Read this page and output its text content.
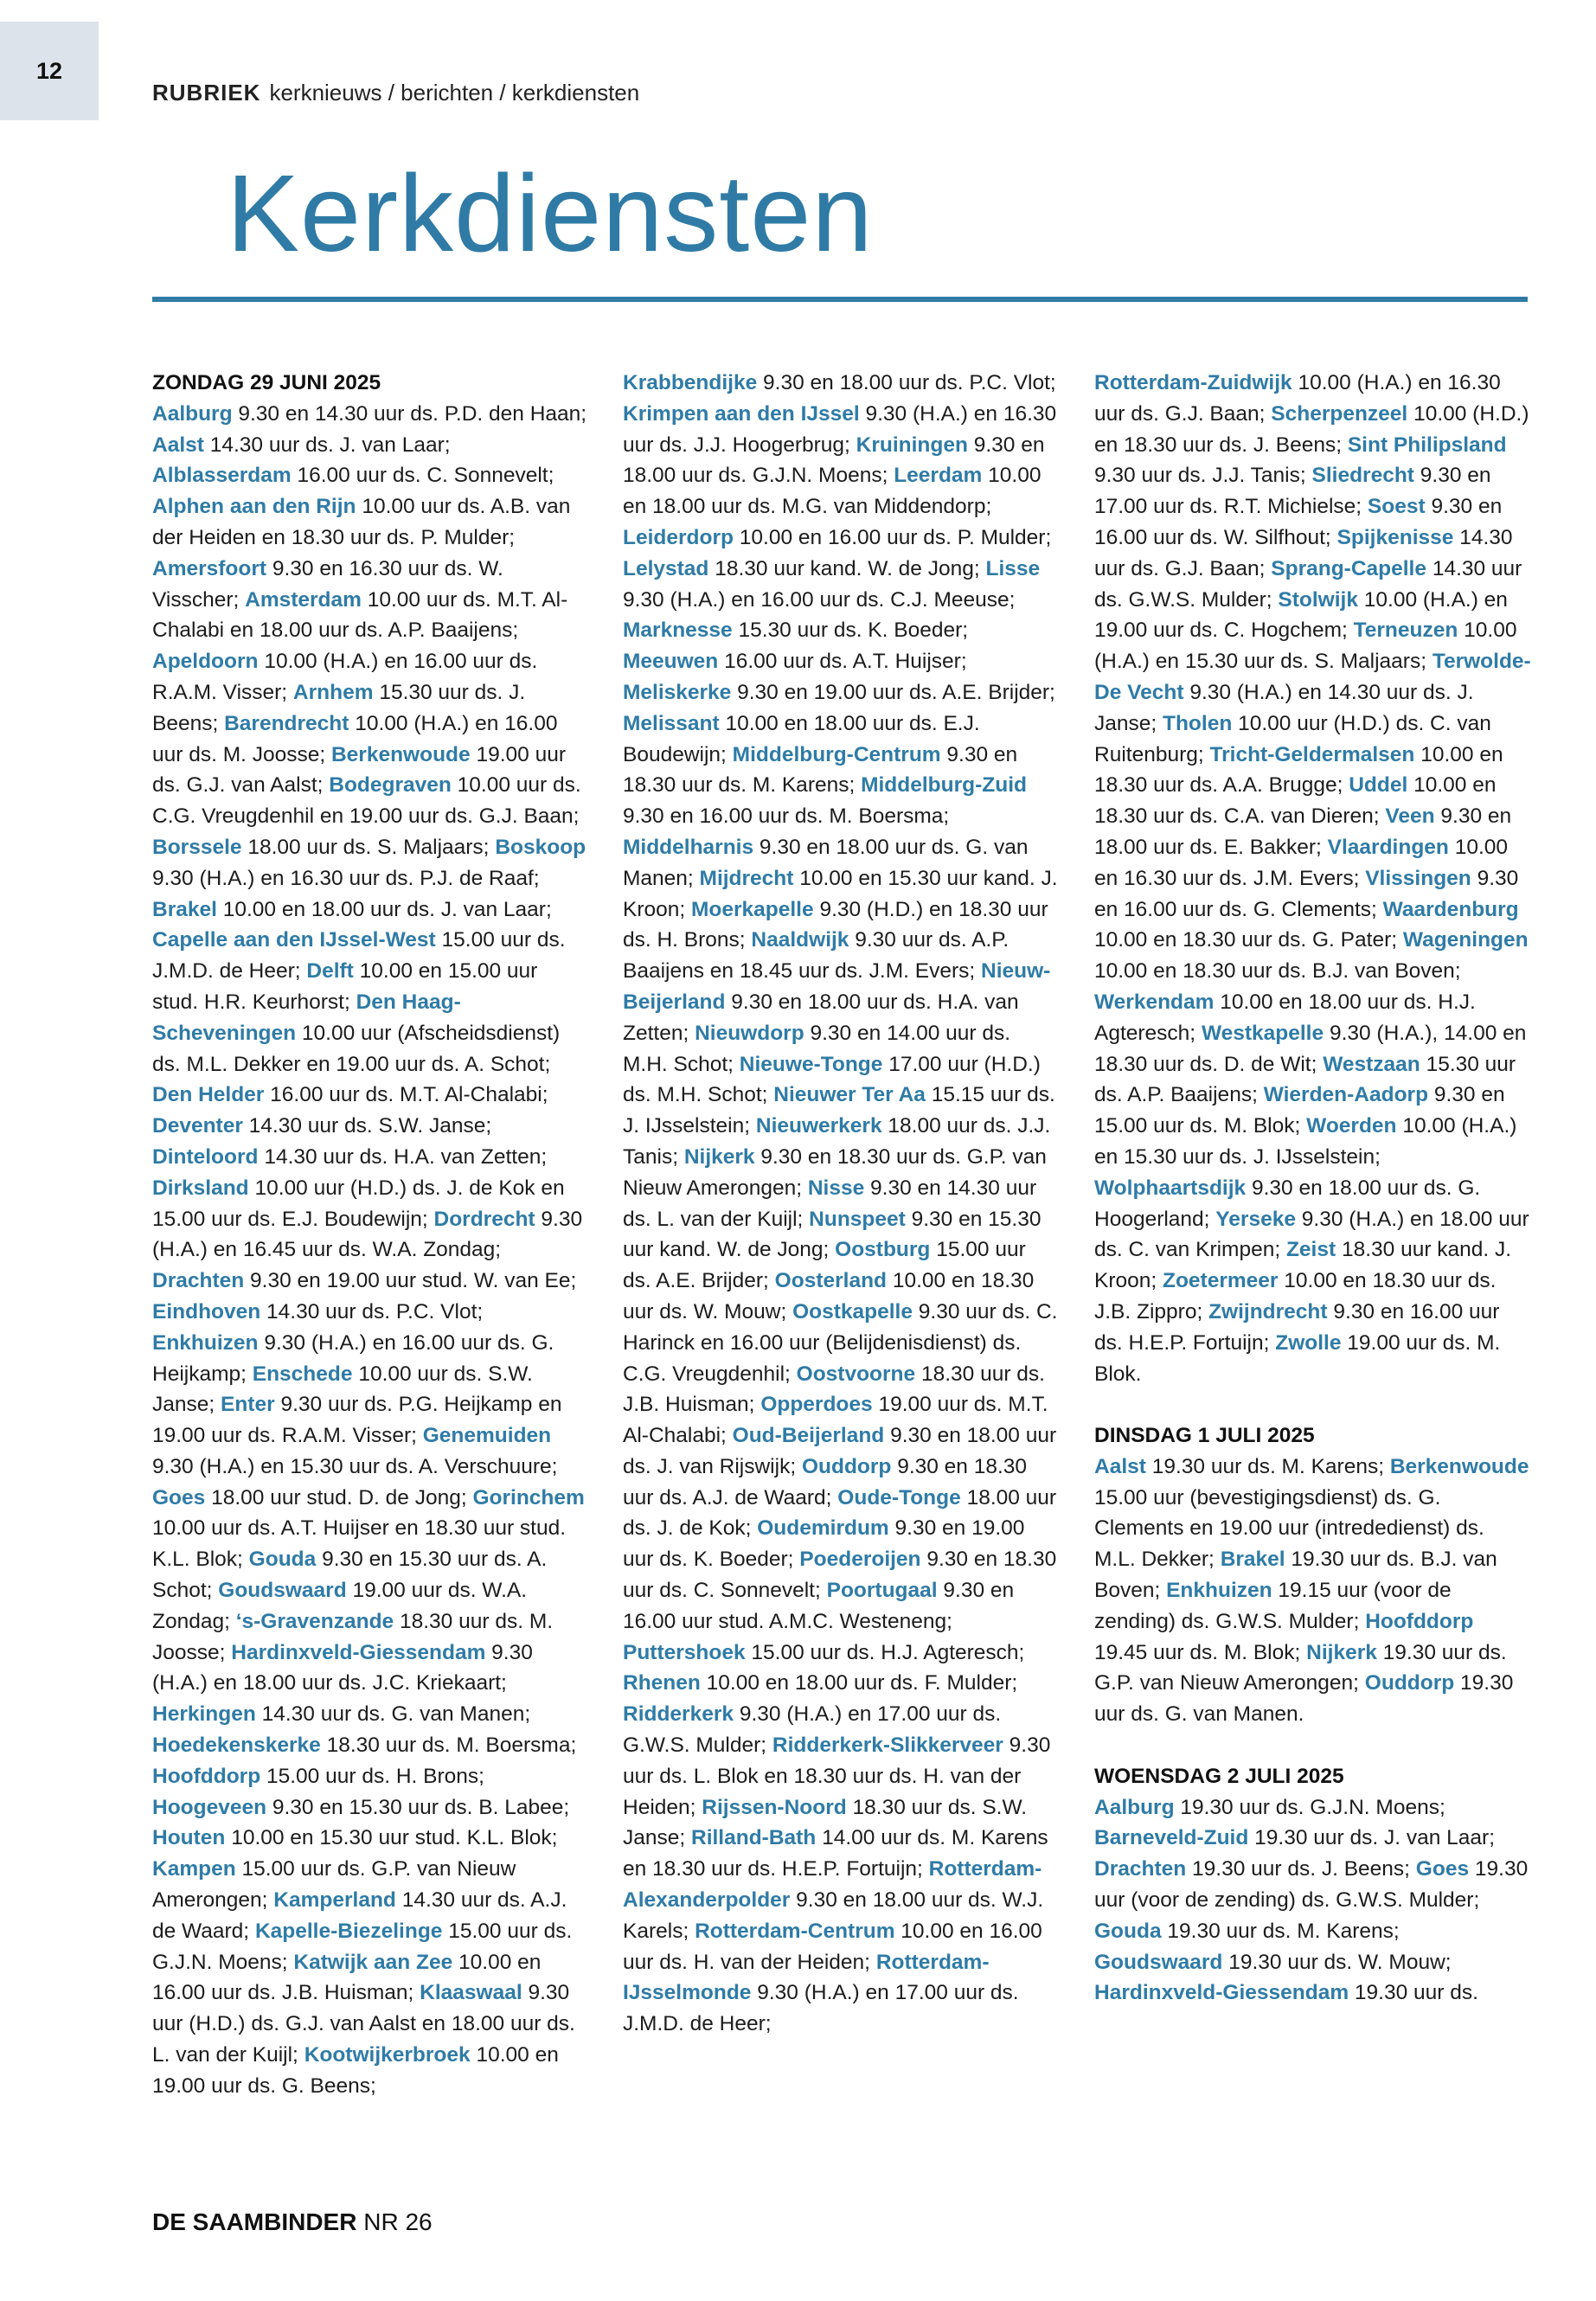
12
RUBRIEK kerknieuws / berichten / kerkdiensten
Kerkdiensten
ZONDAG 29 JUNI 2025

Aalburg 9.30 en 14.30 uur ds. P.D. den Haan; Aalst 14.30 uur ds. J. van Laar; Alblasserdam 16.00 uur ds. C. Sonnevelt; Alphen aan den Rijn 10.00 uur ds. A.B. van der Heiden en 18.30 uur ds. P. Mulder; Amersfoort 9.30 en 16.30 uur ds. W. Visscher; Amsterdam 10.00 uur ds. M.T. Al-Chalabi en 18.00 uur ds. A.P. Baaijens; Apeldoorn 10.00 (H.A.) en 16.00 uur ds. R.A.M. Visser; Arnhem 15.30 uur ds. J. Beens; Barendrecht 10.00 (H.A.) en 16.00 uur ds. M. Joosse; Berkenwoude 19.00 uur ds. G.J. van Aalst; Bodegraven 10.00 uur ds. C.G. Vreugdenhil en 19.00 uur ds. G.J. Baan; Borssele 18.00 uur ds. S. Maljaars; Boskoop 9.30 (H.A.) en 16.30 uur ds. P.J. de Raaf; Brakel 10.00 en 18.00 uur ds. J. van Laar; Capelle aan den IJssel-West 15.00 uur ds. J.M.D. de Heer; Delft 10.00 en 15.00 uur stud. H.R. Keurhorst; Den Haag-Scheveningen 10.00 uur (Afscheidsdienst) ds. M.L. Dekker en 19.00 uur ds. A. Schot; Den Helder 16.00 uur ds. M.T. Al-Chalabi; Deventer 14.30 uur ds. S.W. Janse; Dinteloord 14.30 uur ds. H.A. van Zetten; Dirksland 10.00 uur (H.D.) ds. J. de Kok en 15.00 uur ds. E.J. Boudewijn; Dordrecht 9.30 (H.A.) en 16.45 uur ds. W.A. Zondag; Drachten 9.30 en 19.00 uur stud. W. van Ee; Eindhoven 14.30 uur ds. P.C. Vlot; Enkhuizen 9.30 (H.A.) en 16.00 uur ds. G. Heijkamp; Enschede 10.00 uur ds. S.W. Janse; Enter 9.30 uur ds. P.G. Heijkamp en 19.00 uur ds. R.A.M. Visser; Genemuiden 9.30 (H.A.) en 15.30 uur ds. A. Verschuure; Goes 18.00 uur stud. D. de Jong; Gorinchem 10.00 uur ds. A.T. Huijser en 18.30 uur stud. K.L. Blok; Gouda 9.30 en 15.30 uur ds. A. Schot; Goudswaard 19.00 uur ds. W.A. Zondag; ‘s-Gravenzande 18.30 uur ds. M. Joosse; Hardinxveld-Giessendam 9.30 (H.A.) en 18.00 uur ds. J.C. Kriekaart; Herkingen 14.30 uur ds. G. van Manen; Hoedekenskerke 18.30 uur ds. M. Boersma; Hoofddorp 15.00 uur ds. H. Brons; Hoogeveen 9.30 en 15.30 uur ds. B. Labee; Houten 10.00 en 15.30 uur stud. K.L. Blok; Kampen 15.00 uur ds. G.P. van Nieuw Amerongen; Kamperland 14.30 uur ds. A.J. de Waard; Kapelle-Biezelinge 15.00 uur ds. G.J.N. Moens; Katwijk aan Zee 10.00 en 16.00 uur ds. J.B. Huisman; Klaaswaal 9.30 uur (H.D.) ds. G.J. van Aalst en 18.00 uur ds. L. van der Kuijl; Kootwijkerbroek 10.00 en 19.00 uur ds. G. Beens;

Krabbendijke 9.30 en 18.00 uur ds. P.C. Vlot; Krimpen aan den IJssel 9.30 (H.A.) en 16.30 uur ds. J.J. Hoogerbrug; Kruiningen 9.30 en 18.00 uur ds. G.J.N. Moens; Leerdam 10.00 en 18.00 uur ds. M.G. van Middendorp; Leiderdorp 10.00 en 16.00 uur ds. P. Mulder; Lelystad 18.30 uur kand. W. de Jong; Lisse 9.30 (H.A.) en 16.00 uur ds. C.J. Meeuse; Marknesse 15.30 uur ds. K. Boeder; Meeuwen 16.00 uur ds. A.T. Huijser; Meliskerke 9.30 en 19.00 uur ds. A.E. Brijder; Melissant 10.00 en 18.00 uur ds. E.J. Boudewijn; Middelburg-Centrum 9.30 en 18.30 uur ds. M. Karens; Middelburg-Zuid 9.30 en 16.00 uur ds. M. Boersma; Middelharnis 9.30 en 18.00 uur ds. G. van Manen; Mijdrecht 10.00 en 15.30 uur kand. J. Kroon; Moerkapelle 9.30 (H.D.) en 18.30 uur ds. H. Brons; Naaldwijk 9.30 uur ds. A.P. Baaijens en 18.45 uur ds. J.M. Evers; Nieuw-Beijerland 9.30 en 18.00 uur ds. H.A. van Zetten; Nieuwdorp 9.30 en 14.00 uur ds. M.H. Schot; Nieuwe-Tonge 17.00 uur (H.D.) ds. M.H. Schot; Nieuwer Ter Aa 15.15 uur ds. J. IJsselstein; Nieuwerkerk 18.00 uur ds. J.J. Tanis; Nijkerk 9.30 en 18.30 uur ds. G.P. van Nieuw Amerongen; Nisse 9.30 en 14.30 uur ds. L. van der Kuijl; Nunspeet 9.30 en 15.30 uur kand. W. de Jong; Oostburg 15.00 uur ds. A.E. Brijder; Oosterland 10.00 en 18.30 uur ds. W. Mouw; Oostkapelle 9.30 uur ds. C. Harinck en 16.00 uur (Belijdenisdienst) ds. C.G. Vreugdenhil; Oostvoorne 18.30 uur ds. J.B. Huisman; Opperdoes 19.00 uur ds. M.T. Al-Chalabi; Oud-Beijerland 9.30 en 18.00 uur ds. J. van Rijswijk; Ouddorp 9.30 en 18.30 uur ds. A.J. de Waard; Oude-Tonge 18.00 uur ds. J. de Kok; Oudemirdum 9.30 en 19.00 uur ds. K. Boeder; Poederoijen 9.30 en 18.30 uur ds. C. Sonnevelt; Poortugaal 9.30 en 16.00 uur stud. A.M.C. Westeneng; Puttershoek 15.00 uur ds. H.J. Agteresch; Rhenen 10.00 en 18.00 uur ds. F. Mulder; Ridderkerk 9.30 (H.A.) en 17.00 uur ds. G.W.S. Mulder; Ridderkerk-Slikkerveer 9.30 uur ds. L. Blok en 18.30 uur ds. H. van der Heiden; Rijssen-Noord 18.30 uur ds. S.W. Janse; Rilland-Bath 14.00 uur ds. M. Karens en 18.30 uur ds. H.E.P. Fortuijn; Rotterdam-Alexanderpolder 9.30 en 18.00 uur ds. W.J. Karels; Rotterdam-Centrum 10.00 en 16.00 uur ds. H. van der Heiden; Rotterdam-IJsselmonde 9.30 (H.A.) en 17.00 uur ds. J.M.D. de Heer;

Rotterdam-Zuidwijk 10.00 (H.A.) en 16.30 uur ds. G.J. Baan; Scherpenzeel 10.00 (H.D.) en 18.30 uur ds. J. Beens; Sint Philipsland 9.30 uur ds. J.J. Tanis; Sliedrecht 9.30 en 17.00 uur ds. R.T. Michielse; Soest 9.30 en 16.00 uur ds. W. Silfhout; Spijkenisse 14.30 uur ds. G.J. Baan; Sprang-Capelle 14.30 uur ds. G.W.S. Mulder; Stolwijk 10.00 (H.A.) en 19.00 uur ds. C. Hogchem; Terneuzen 10.00 (H.A.) en 15.30 uur ds. S. Maljaars; Terwolde-De Vecht 9.30 (H.A.) en 14.30 uur ds. J. Janse; Tholen 10.00 uur (H.D.) ds. C. van Ruitenburg; Tricht-Geldermalsen 10.00 en 18.30 uur ds. A.A. Brugge; Uddel 10.00 en 18.30 uur ds. C.A. van Dieren; Veen 9.30 en 18.00 uur ds. E. Bakker; Vlaardingen 10.00 en 16.30 uur ds. J.M. Evers; Vlissingen 9.30 en 16.00 uur ds. G. Clements; Waardenburg 10.00 en 18.30 uur ds. G. Pater; Wageningen 10.00 en 18.30 uur ds. B.J. van Boven; Werkendam 10.00 en 18.00 uur ds. H.J. Agteresch; Westkapelle 9.30 (H.A.), 14.00 en 18.30 uur ds. D. de Wit; Westzaan 15.30 uur ds. A.P. Baaijens; Wierden-Aadorp 9.30 en 15.00 uur ds. M. Blok; Woerden 10.00 (H.A.) en 15.30 uur ds. J. IJsselstein; Wolphaartsdijk 9.30 en 18.00 uur ds. G. Hoogerland; Yerseke 9.30 (H.A.) en 18.00 uur ds. C. van Krimpen; Zeist 18.30 uur kand. J. Kroon; Zoetermeer 10.00 en 18.30 uur ds. J.B. Zippro; Zwijndrecht 9.30 en 16.00 uur ds. H.E.P. Fortuijn; Zwolle 19.00 uur ds. M. Blok.

DINSDAG 1 JULI 2025

Aalst 19.30 uur ds. M. Karens; Berkenwoude 15.00 uur (bevestigingsdienst) ds. G. Clements en 19.00 uur (intrededienst) ds. M.L. Dekker; Brakel 19.30 uur ds. B.J. van Boven; Enkhuizen 19.15 uur (voor de zending) ds. G.W.S. Mulder; Hoofddorp 19.45 uur ds. M. Blok; Nijkerk 19.30 uur ds. G.P. van Nieuw Amerongen; Ouddorp 19.30 uur ds. G. van Manen.

WOENSDAG 2 JULI 2025

Aalburg 19.30 uur ds. G.J.N. Moens; Barneveld-Zuid 19.30 uur ds. J. van Laar; Drachten 19.30 uur ds. J. Beens; Goes 19.30 uur (voor de zending) ds. G.W.S. Mulder; Gouda 19.30 uur ds. M. Karens; Goudswaard 19.30 uur ds. W. Mouw; Hardinxveld-Giessendam 19.30 uur ds.

DE SAAMBINDER NR 26
